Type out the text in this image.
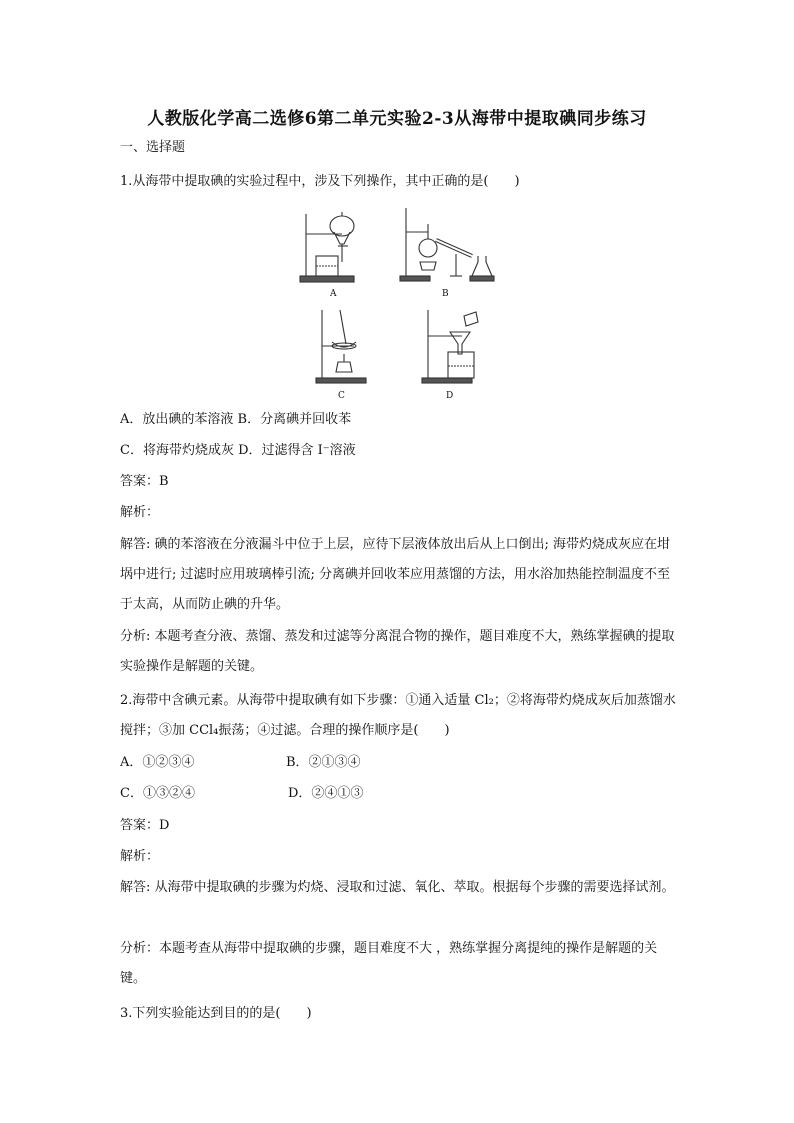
人教版化学高二选修6第二单元实验2-3从海带中提取碘同步练习
一、选择题
1.从海带中提取碘的实验过程中，涉及下列操作，其中正确的是(　　)
A	B
C	D
A．放出碘的苯溶液 B．分离碘并回收苯
C．将海带灼烧成灰 D．过滤得含 I⁻溶液
答案：B
解析：
解答: 碘的苯溶液在分液漏斗中位于上层，应待下层液体放出后从上口倒出; 海带灼烧成灰应在坩埚中进行; 过滤时应用玻璃棒引流; 分离碘并回收苯应用蒸馏的方法，用水浴加热能控制温度不至于太高，从而防止碘的升华。
分析: 本题考查分液、蒸馏、蒸发和过滤等分离混合物的操作，题目难度不大，熟练掌握碘的提取实验操作是解题的关键。
2.海带中含碘元素。从海带中提取碘有如下步骤：①通入适量 Cl₂；②将海带灼烧成灰后加蒸馏水搅拌；③加 CCl₄振荡；④过滤。合理的操作顺序是(　　)
A．①②③④	B．②①③④
C．①③②④	D．②④①③
答案：D
解析：
解答: 从海带中提取碘的步骤为灼烧、浸取和过滤、氧化、萃取。根据每个步骤的需要选择试剂。
分析：本题考查从海带中提取碘的步骤，题目难度不大 ，熟练掌握分离提纯的操作是解题的关键。
3.下列实验能达到目的的是(　　)
